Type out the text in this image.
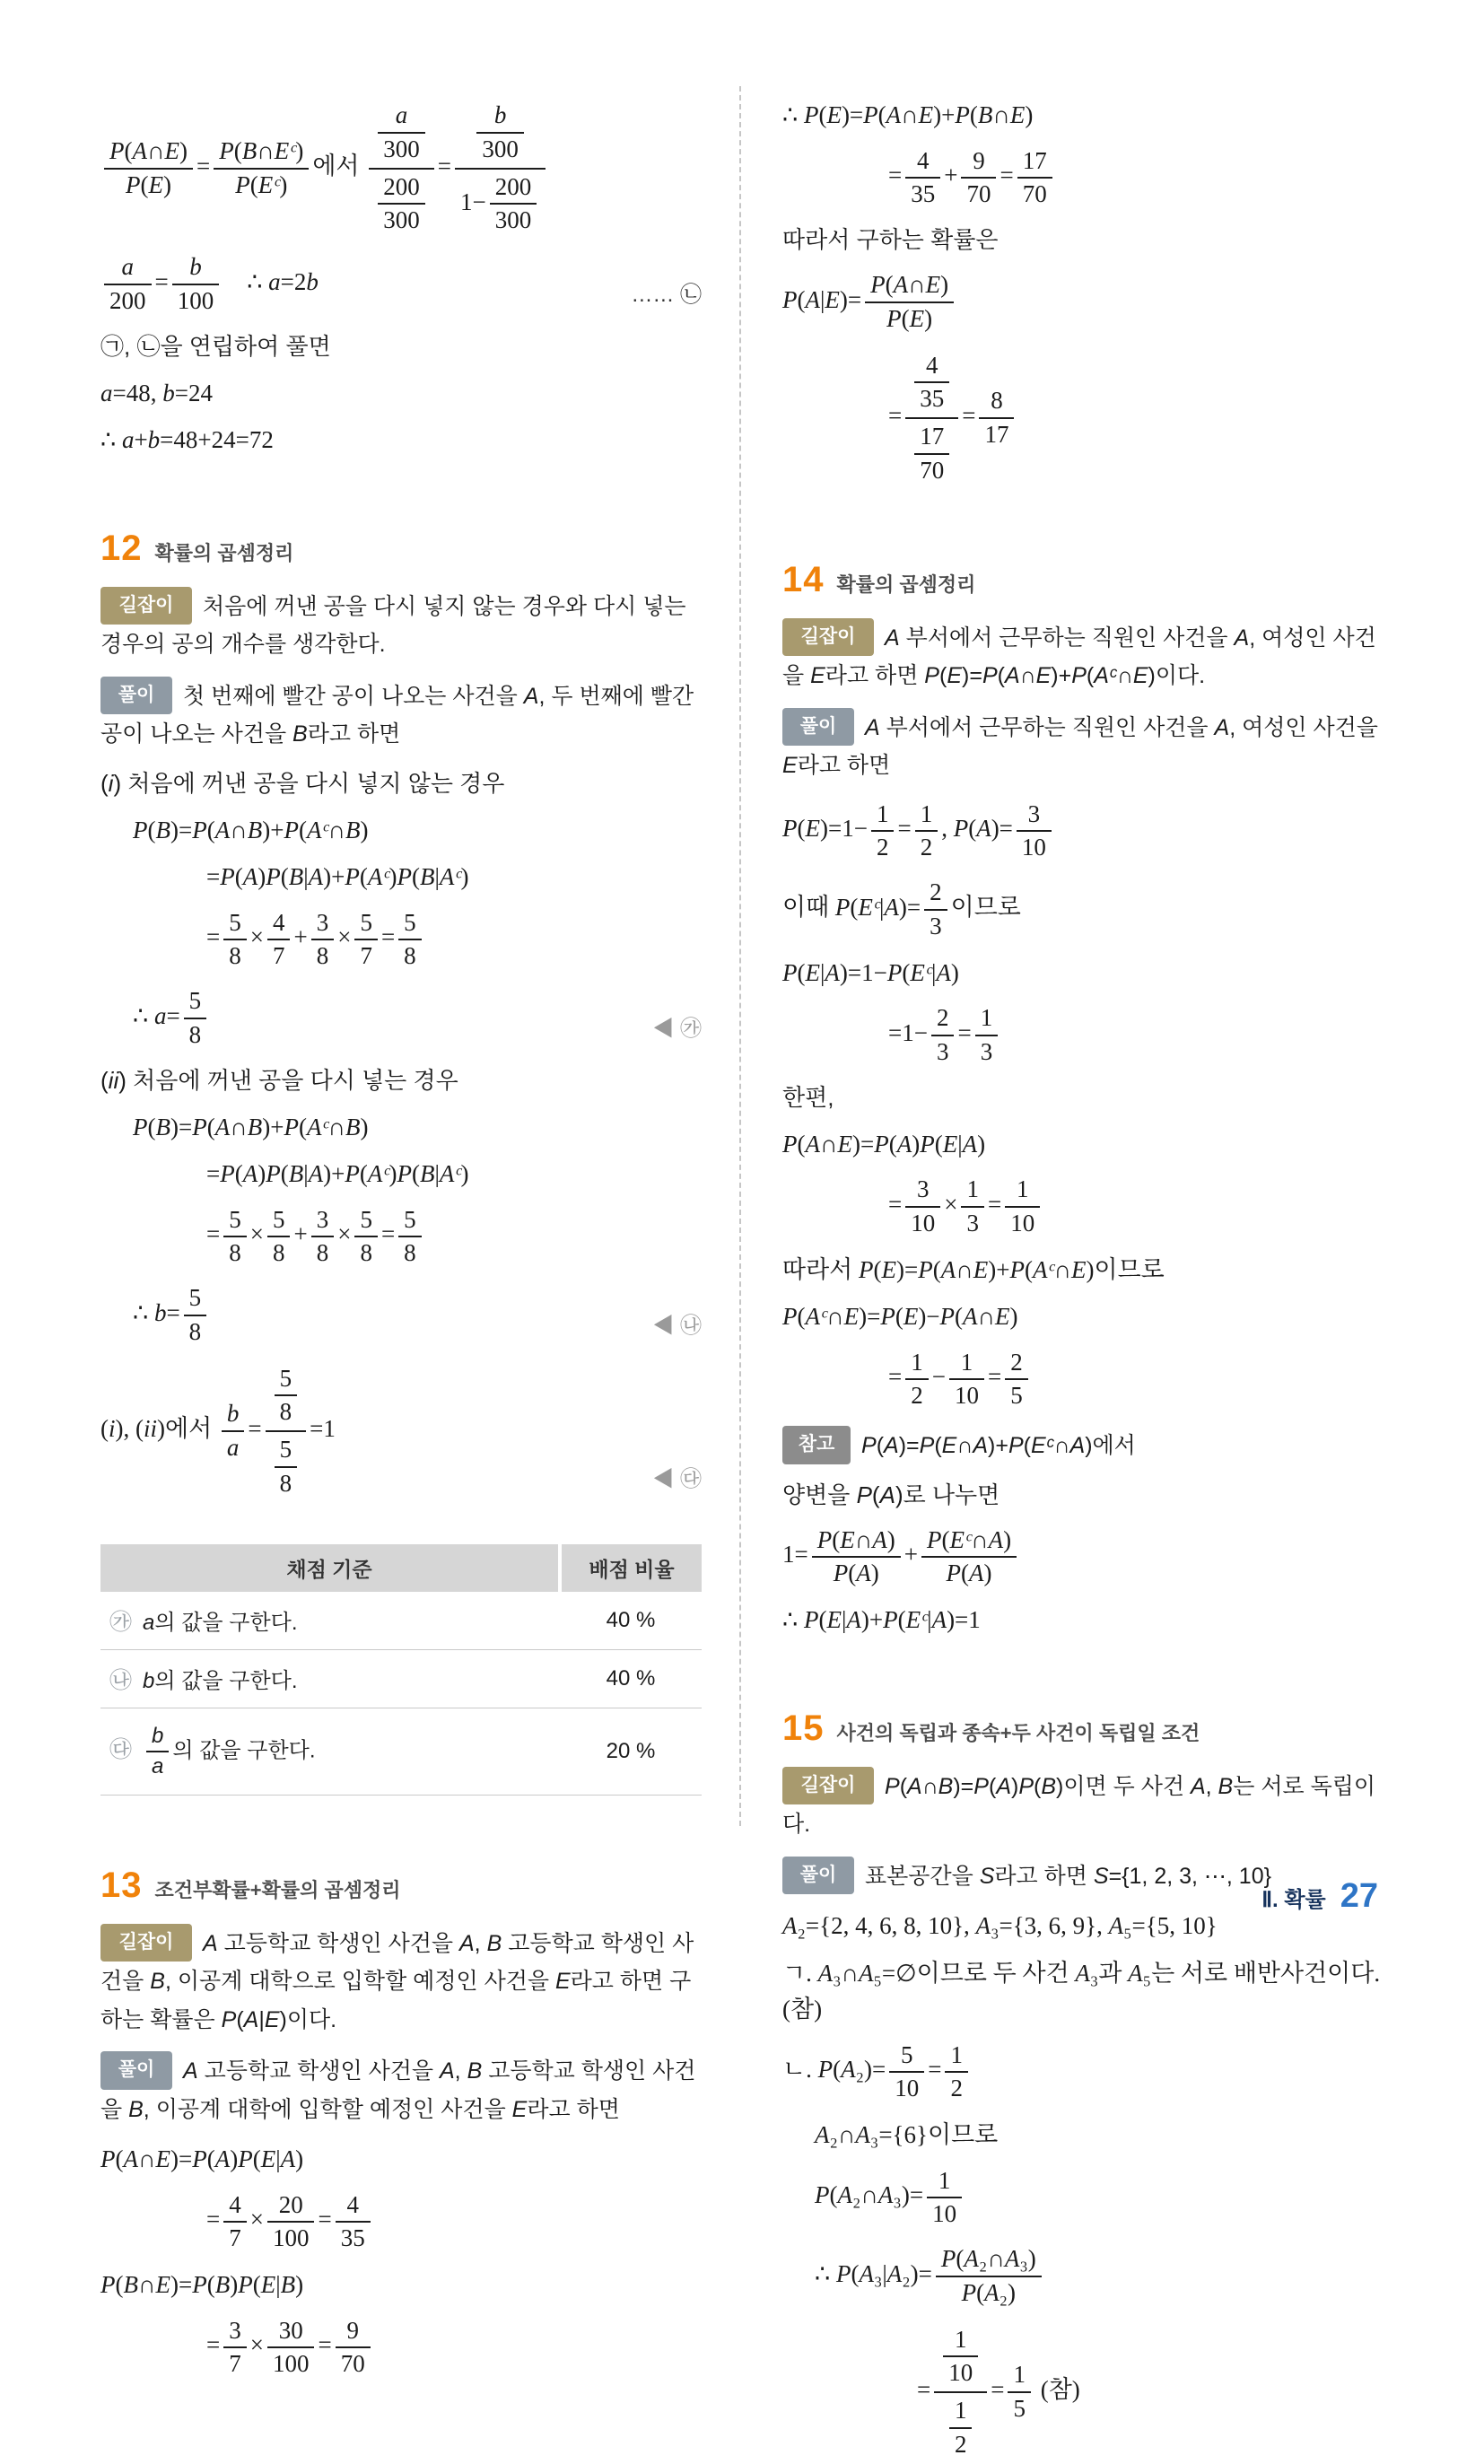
$\frac{P(A\cap E)}{P(E)} = \frac{\text{P(B∩Eᶜ)}}{\text{P(Eᶜ)}}$ 에서 $\frac{\frac{a}{300}}{\frac{200}{300}} = \frac{\frac{b}{300}}{1- \frac{200}{300}}$
$\frac{a}{200} = \frac{b}{100}$  ∴ a=2b	…… ㉡
㉠, ㉡을 연립하여 풀면
a=48, b=24
∴ a+b=48+24=72
12 확률의 곱셈정리
길잡이 처음에 꺼낸 공을 다시 넣지 않는 경우와 다시 넣는 경우의 공의 개수를 생각한다.
풀이 첫 번째에 빨간 공이 나오는 사건을 A, 두 번째에 빨간 공이 나오는 사건을 B라고 하면
(i) 처음에 꺼낸 공을 다시 넣지 않는 경우
P(B)=P(A∩B)+P(Aᶜ∩B)
=P(A)P(B|A)+P(Aᶜ)P(B|Aᶜ)
= $\frac{5}{8} \times \frac{4}{7} + \frac{3}{8} \times \frac{5}{7} = \frac{5}{8}$
∴ $a= \frac{5}{8}$	◀ ㉮
(ii) 처음에 꺼낸 공을 다시 넣는 경우
P(B)=P(A∩B)+P(Aᶜ∩B)
=P(A)P(B|A)+P(Aᶜ)P(B|Aᶜ)
= $\frac{5}{8} \times \frac{5}{8} + \frac{3}{8} \times \frac{5}{8} = \frac{5}{8}$
∴ $b= \frac{5}{8}$	◀ ㉯
(i), (ii)에서 $\frac{b}{a} = \frac{\frac{5}{8}}{\frac{5}{8}} =1$
◀ ㉰
채점 기준	배점 비율
㉮ a의 값을 구한다.	40 %
㉯ b의 값을 구한다.	40 %
㉰ $\frac{b}{a}$ 의 값을 구한다.	20 %
13 조건부확률+확률의 곱셈정리
길잡이 A 고등학교 학생인 사건을 A, B 고등학교 학생인 사건을 B, 이공계 대학으로 입학할 예정인 사건을 E라고 하면 구하는 확률은 P(A|E)이다.
풀이 A 고등학교 학생인 사건을 A, B 고등학교 학생인 사건을 B, 이공계 대학에 입학할 예정인 사건을 E라고 하면
P(A∩E)=P(A)P(E|A)
= $\frac{4}{7} \times \frac{20}{100} = \frac{4}{35}$
P(B∩E)=P(B)P(E|B)
= $\frac{3}{7} \times \frac{30}{100} = \frac{9}{70}$
∴ P(E)=P(A∩E)+P(B∩E)
= $\frac{4}{35} + \frac{9}{70} = \frac{17}{70}$
따라서 구하는 확률은
$P(A|E)= \frac{P(A\cap E)}{P(E)}$
= $\frac{\frac{4}{35}}{\frac{17}{70}} = \frac{8}{17}$
14 확률의 곱셈정리
길잡이 A 부서에서 근무하는 직원인 사건을 A, 여성인 사건을 E라고 하면 P(E)=P(A∩E)+P(Aᶜ∩E)이다.
풀이 A 부서에서 근무하는 직원인 사건을 A, 여성인 사건을 E라고 하면
$P(E)=1- \frac{1}{2} = \frac{1}{2}$ , $P(A)= \frac{3}{10}$
이때 P(Eᶜ|A)= $\frac{2}{3}$ 이므로
P(E|A)=1−P(Eᶜ|A)
$=1- \frac{2}{3} = \frac{1}{3}$
한편,
P(A∩E)=P(A)P(E|A)
= $\frac{3}{10} \times \frac{1}{3} = \frac{1}{10}$
따라서 P(E)=P(A∩E)+P(Aᶜ∩E)이므로
P(Aᶜ∩E)=P(E)−P(A∩E)
= $\frac{1}{2} - \frac{1}{10} = \frac{2}{5}$
참고 P(A)=P(E∩A)+P(Eᶜ∩A)에서
양변을 P(A)로 나누면
$1= \frac{P(E\cap A)}{P(A)} + \frac{\text{P(Eᶜ∩A)}}{P(A)}$
∴ P(E|A)+P(Eᶜ|A)=1
15 사건의 독립과 종속+두 사건이 독립일 조건
길잡이 P(A∩B)=P(A)P(B)이면 두 사건 A, B는 서로 독립이다.
풀이 표본공간을 S라고 하면 S={1, 2, 3, ⋯, 10}
A₂={2, 4, 6, 8, 10}, A₃={3, 6, 9}, A₅={5, 10}
ㄱ. A₃∩A₅=∅이므로 두 사건 A₃과 A₅는 서로 배반사건이다. (참)
ㄴ. $P(A_2)= \frac{5}{10} = \frac{1}{2}$
A₂∩A₃={6}이므로
P(A₂∩A₃)= $\frac{1}{10}$
∴ $P(A_3|A_2)= \frac{\text{P(A₂∩A₃)}}{\text{P(A₂)}}$
= $\frac{\frac{1}{10}}{\frac{1}{2}} = \frac{1}{5}$ (참)
Ⅱ. 확률 27
